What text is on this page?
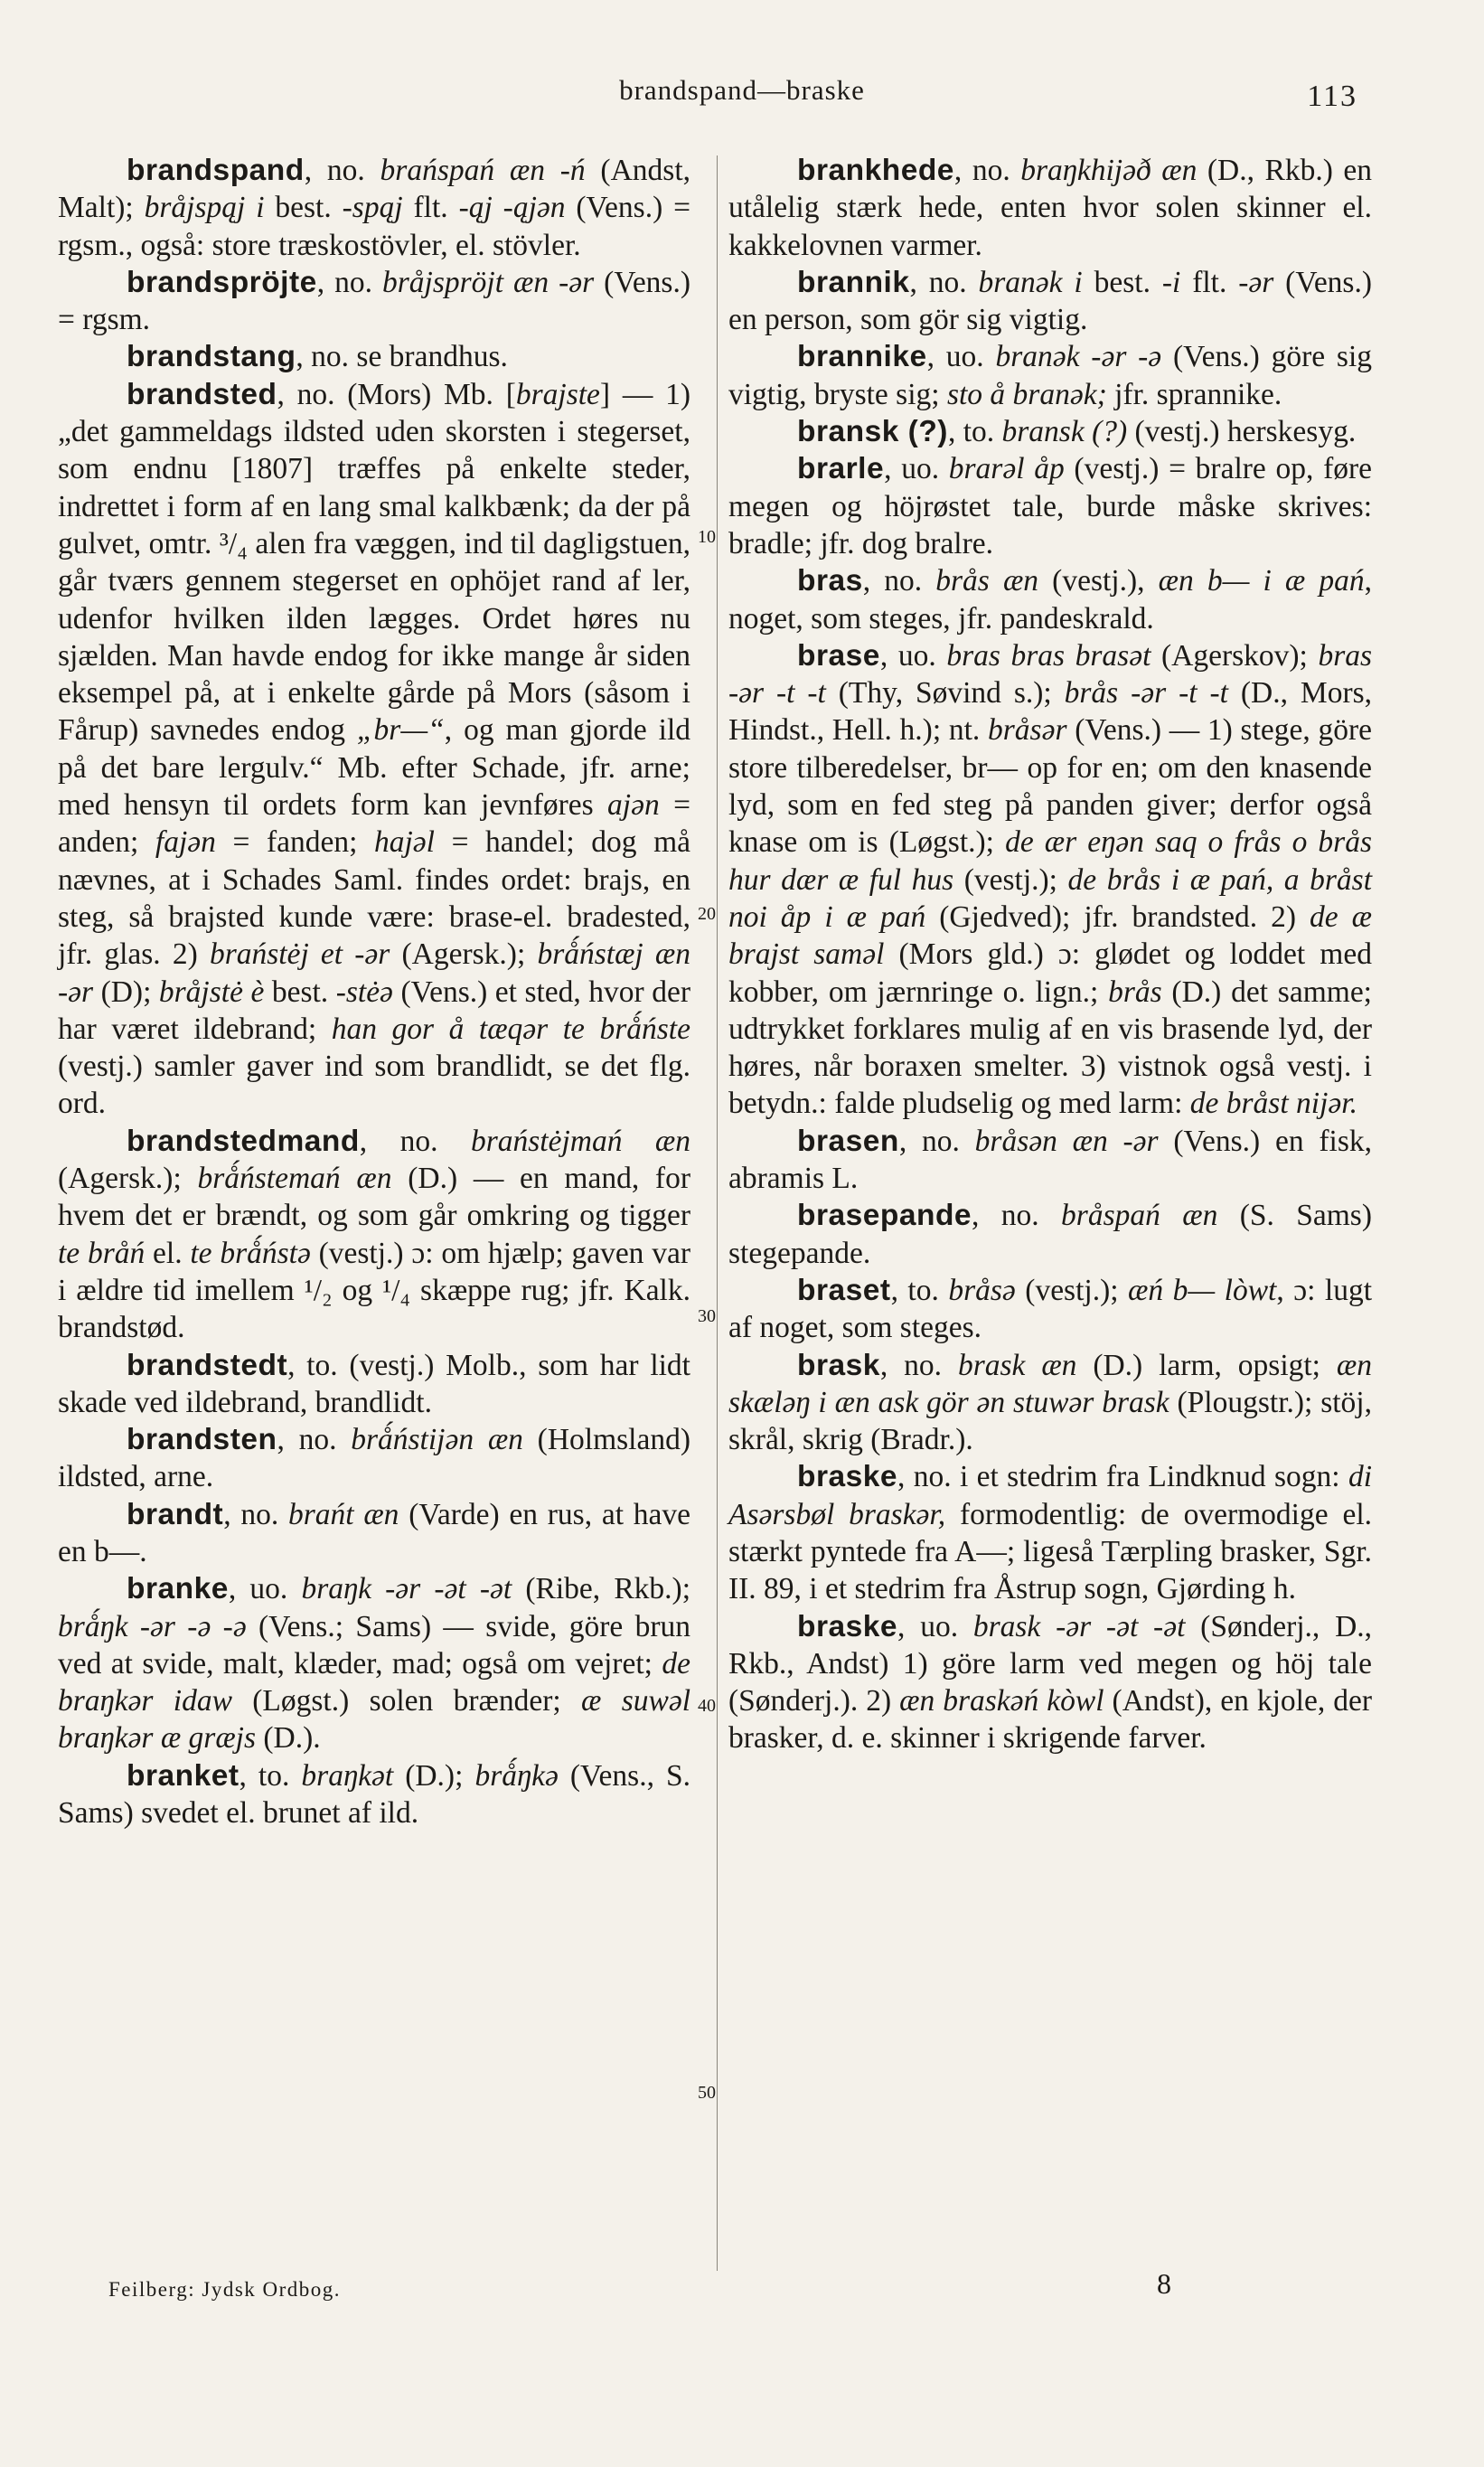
brandspand—braske	113

brandspand, no. brańspań æn -ń (Andst, Malt); bråjspąj i best. -spąj flt. -ąj -ąjən (Vens.) = rgsm., også: store træskostövler, el. stövler.

brandspröjte, no. bråjspröjt æn -ər (Vens.) = rgsm.

brandstang, no. se brandhus.

brandsted, no. (Mors) Mb. [brajste] — 1) „det gammeldags ildsted uden skorsten i stegerset, som endnu [1807] træffes på enkelte steder, indrettet i form af en lang smal kalkbænk; da der på gulvet, omtr. ³/₄ alen fra væggen, ind til dagligstuen, går tværs gennem stegerset en ophöjet rand af ler, udenfor hvilken ilden lægges. Ordet høres nu sjælden. Man havde endog for ikke mange år siden eksempel på, at i enkelte gårde på Mors (såsom i Fårup) savnedes endog „br—“, og man gjorde ild på det bare lergulv.“ Mb. efter Schade, jfr. arne; med hensyn til ordets form kan jevnføres ajən = anden; fajən = fanden; hajəl = handel; dog må nævnes, at i Schades Saml. findes ordet: brajs, en steg, så brajsted kunde være: brase-el. bradested, jfr. glas. 2) braństėj et -ər (Agersk.); brǻństæj æn -ər (D); bråjstė è best. -stėə (Vens.) et sted, hvor der har været ildebrand; han gor å tæqər te brǻńste (vestj.) samler gaver ind som brandlidt, se det flg. ord.

brandstedmand, no. braństėjmań æn (Agersk.); brǻństemań æn (D.) — en mand, for hvem det er brændt, og som går omkring og tigger te bråń el. te brǻństə (vestj.) ɔ: om hjælp; gaven var i ældre tid imellem ¹/₂ og ¹/₄ skæppe rug; jfr. Kalk. brandstød.

brandstedt, to. (vestj.) Molb., som har lidt skade ved ildebrand, brandlidt.

brandsten, no. brǻństijən æn (Holmsland) ildsted, arne.

brandt, no. brańt æn (Varde) en rus, at have en b—.

branke, uo. braŋk -ər -ət -ət (Ribe, Rkb.); brǻŋk -ər -ə -ə (Vens.; Sams) — svide, göre brun ved at svide, malt, klæder, mad; også om vejret; de braŋkər idaw (Løgst.) solen brænder; æ suwəl braŋkər æ græjs (D.).

branket, to. braŋkət (D.); brǻŋkə (Vens., S. Sams) svedet el. brunet af ild.

brankhede, no. braŋkhijəð æn (D., Rkb.) en utålelig stærk hede, enten hvor solen skinner el. kakkelovnen varmer.

brannik, no. branək i best. -i flt. -ər (Vens.) en person, som gör sig vigtig.

brannike, uo. branək -ər -ə (Vens.) göre sig vigtig, bryste sig; sto å branək; jfr. sprannike.

bransk (?), to. bransk (?) (vestj.) herskesyg.

brarle, uo. brarəl åp (vestj.) = bralre op, føre megen og höjrøstet tale, burde måske skrives: bradle; jfr. dog bralre.

bras, no. brås æn (vestj.), æn b— i æ pań, noget, som steges, jfr. pandeskrald.

brase, uo. bras bras brasət (Agerskov); bras -ər -t -t (Thy, Søvind s.); brås -ər -t -t (D., Mors, Hindst., Hell. h.); nt. bråsər (Vens.) — 1) stege, göre store tilberedelser, br— op for en; om den knasende lyd, som en fed steg på panden giver; derfor også knase om is (Løgst.); de ær eŋən saq o frås o brås hur dær æ ful hus (vestj.); de brås i æ pań, a bråst noi åp i æ pań (Gjedved); jfr. brandsted. 2) de æ brajst saməl (Mors gld.) ɔ: glødet og loddet med kobber, om jærnringe o. lign.; brås (D.) det samme; udtrykket forklares mulig af en vis brasende lyd, der høres, når boraxen smelter. 3) vistnok også vestj. i betydn.: falde pludselig og med larm: de bråst nijər.

brasen, no. bråsən æn -ər (Vens.) en fisk, abramis L.

brasepande, no. bråspań æn (S. Sams) stegepande.

braset, to. bråsə (vestj.); æń b— lòwt, ɔ: lugt af noget, som steges.

brask, no. brask æn (D.) larm, opsigt; æn skæləŋ i æn ask gör ən stuwər brask (Plougstr.); stöj, skrål, skrig (Bradr.).

braske, no. i et stedrim fra Lindknud sogn: di Asərsbøl braskər, formodentlig: de overmodige el. stærkt pyntede fra A—; ligeså Tærpling brasker, Sgr. II. 89, i et stedrim fra Åstrup sogn, Gjørding h.

braske, uo. brask -ər -ət -ət (Sønderj., D., Rkb., Andst) 1) göre larm ved megen og höj tale (Sønderj.). 2) æn braskəń kòwl (Andst), en kjole, der brasker, d. e. skinner i skrigende farver.

10
20
30
40
50
Feilberg: Jydsk Ordbog.	8
